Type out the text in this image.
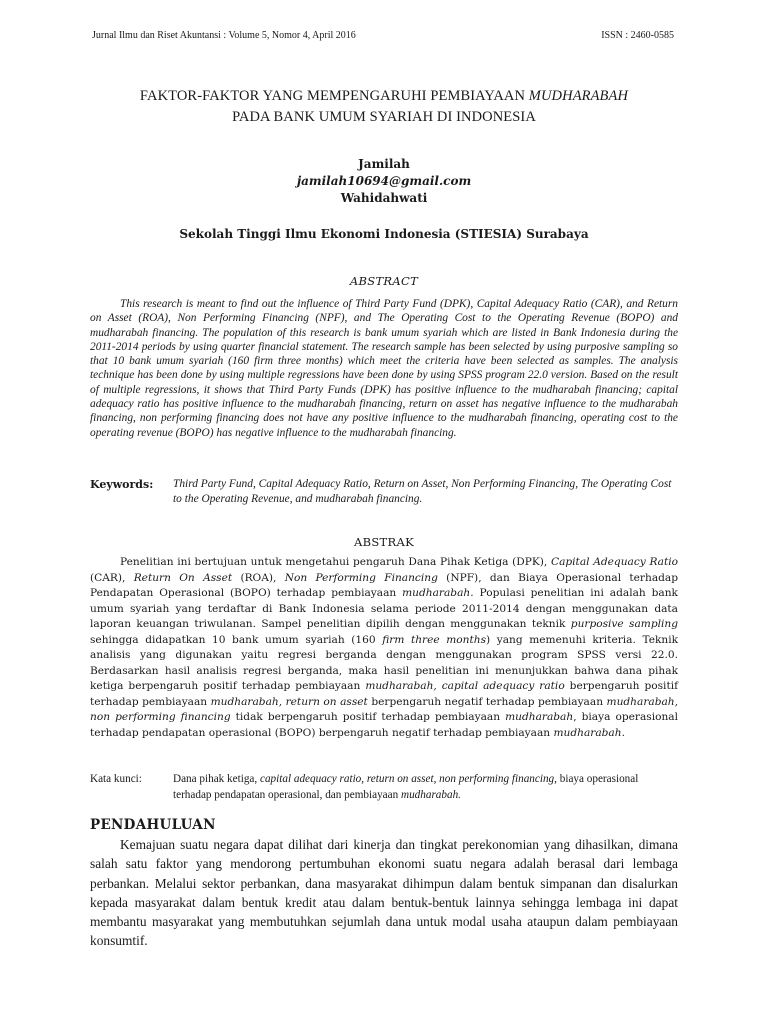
Jurnal Ilmu dan Riset Akuntansi : Volume 5, Nomor 4, April 2016	ISSN : 2460-0585
FAKTOR-FAKTOR YANG MEMPENGARUHI PEMBIAYAAN MUDHARABAH
PADA BANK UMUM SYARIAH DI INDONESIA
Jamilah
jamilah10694@gmail.com
Wahidahwati
Sekolah Tinggi Ilmu Ekonomi Indonesia (STIESIA) Surabaya
ABSTRACT
This research is meant to find out the influence of Third Party Fund (DPK), Capital Adequacy Ratio (CAR), and Return on Asset (ROA), Non Performing Financing (NPF), and The Operating Cost to the Operating Revenue (BOPO) and mudharabah financing. The population of this research is bank umum syariah which are listed in Bank Indonesia during the 2011-2014 periods by using quarter financial statement. The research sample has been selected by using purposive sampling so that 10 bank umum syariah (160 firm three months) which meet the criteria have been selected as samples. The analysis technique has been done by using multiple regressions have been done by using SPSS program 22.0 version. Based on the result of multiple regressions, it shows that Third Party Funds (DPK) has positive influence to the mudharabah financing; capital adequacy ratio has positive influence to the mudharabah financing, return on asset has negative influence to the mudharabah financing, non performing financing does not have any positive influence to the mudharabah financing, operating cost to the operating revenue (BOPO) has negative influence to the mudharabah financing.
Keywords:	Third Party Fund, Capital Adequacy Ratio, Return on Asset, Non Performing Financing, The Operating Cost to the Operating Revenue, and mudharabah financing.
ABSTRAK
Penelitian ini bertujuan untuk mengetahui pengaruh Dana Pihak Ketiga (DPK), Capital Adequacy Ratio (CAR), Return On Asset (ROA), Non Performing Financing (NPF), dan Biaya Operasional terhadap Pendapatan Operasional (BOPO) terhadap pembiayaan mudharabah. Populasi penelitian ini adalah bank umum syariah yang terdaftar di Bank Indonesia selama periode 2011-2014 dengan menggunakan data laporan keuangan triwulanan. Sampel penelitian dipilih dengan menggunakan teknik purposive sampling sehingga didapatkan 10 bank umum syariah (160 firm three months) yang memenuhi kriteria. Teknik analisis yang digunakan yaitu regresi berganda dengan menggunakan program SPSS versi 22.0. Berdasarkan hasil analisis regresi berganda, maka hasil penelitian ini menunjukkan bahwa dana pihak ketiga berpengaruh positif terhadap pembiayaan mudharabah, capital adequacy ratio berpengaruh positif terhadap pembiayaan mudharabah, return on asset berpengaruh negatif terhadap pembiayaan mudharabah, non performing financing tidak berpengaruh positif terhadap pembiayaan mudharabah, biaya operasional terhadap pendapatan operasional (BOPO) berpengaruh negatif terhadap pembiayaan mudharabah.
Kata kunci:	Dana pihak ketiga, capital adequacy ratio, return on asset, non performing financing, biaya operasional terhadap pendapatan operasional, dan pembiayaan mudharabah.
PENDAHULUAN
Kemajuan suatu negara dapat dilihat dari kinerja dan tingkat perekonomian yang dihasilkan, dimana salah satu faktor yang mendorong pertumbuhan ekonomi suatu negara adalah berasal dari lembaga perbankan. Melalui sektor perbankan, dana masyarakat dihimpun dalam bentuk simpanan dan disalurkan kepada masyarakat dalam bentuk kredit atau dalam bentuk-bentuk lainnya sehingga lembaga ini dapat membantu masyarakat yang membutuhkan sejumlah dana untuk modal usaha ataupun dalam pembiayaan konsumtif.
